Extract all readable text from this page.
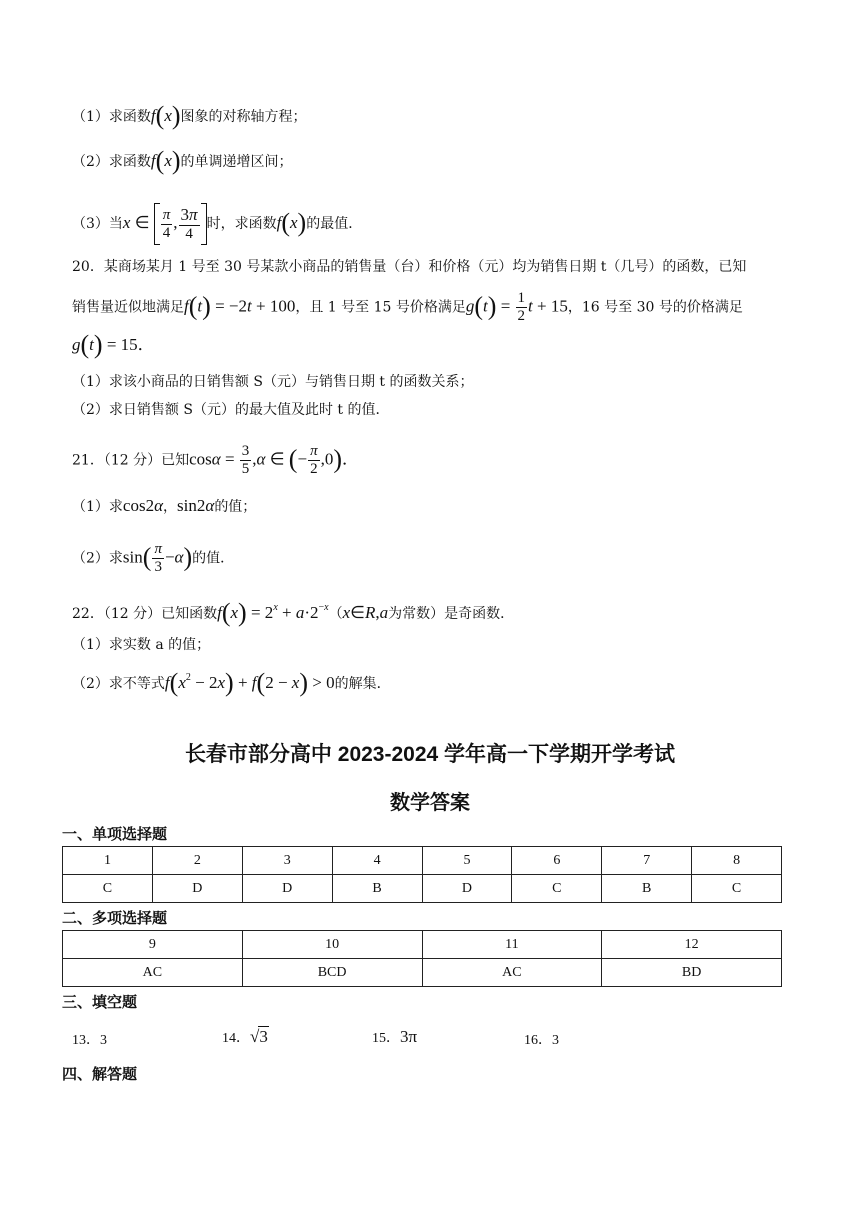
（1）求函数f(x)图象的对称轴方程；
（2）求函数f(x)的单调递增区间；
（3）当x ∈ $\frac{\pi}{4}$ , $\frac{3\pi}{4}$ 时，求函数f(x)的最值．
20．某商场某月 1 号至 30 号某款小商品的销售量（台）和价格（元）均为销售日期 t（几号）的函数，已知
销售量近似地满足f(t) = −2t + 100，且 1 号至 15 号价格满足$g(t) = \frac{1}{2}$ t + 15，16 号至 30 号的价格满足
g(t) = 15．
（1）求该小商品的日销售额 S（元）与销售日期 t 的函数关系；
（2）求日销售额 S（元）的最大值及此时 t 的值．
21．（12 分）已知$\cos\alpha = \frac{3}{5} ,\alpha$ ∈ (− $\frac{\pi}{2} ,0$)．
（1）求cos2α，sin2α的值；
（2）求$\sin( \frac{\pi}{3} -\alpha)$的值．
22．（12 分）已知函数$f(x) = 2^x$ + $a\cdot 2^{-x}(x\in R,a$为常数）是奇函数．
（1）求实数 a 的值；
（2）求不等式$f(x^2 - 2x) + f(2 - x) > 0$的解集．
长春市部分高中 2023-2024 学年高一下学期开学考试
数学答案
一、单项选择题
1	2	3	4	5	6	7	8
C	D	D	B	D	C	B	C
二、多项选择题
9	10	11	12
AC	BCD	AC	BD
三、填空题
13．3	14．√3	15．3π	16．3
四、解答题
